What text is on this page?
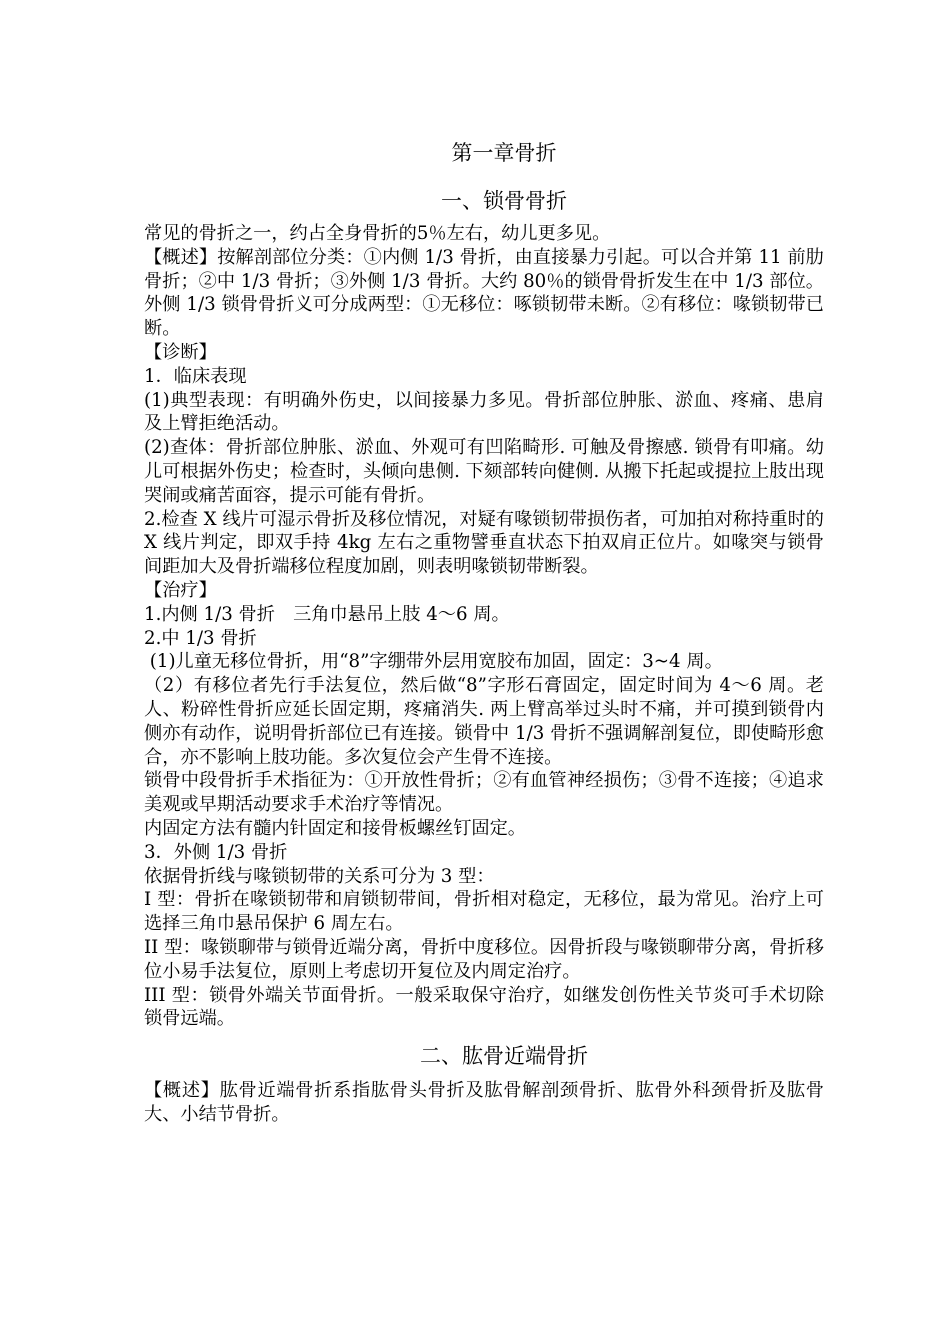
第一章骨折
一、锁骨骨折

常见的骨折之一，约占全身骨折的5％左右，幼儿更多见。

【概述】按解剖部位分类：①内侧 1/3 骨折，由直接暴力引起。可以合并第 11 前肋骨折；②中 1/3 骨折；③外侧 1/3 骨折。大约 80％的锁骨骨折发生在中 1/3 部位。外侧 1/3 锁骨骨折义可分成两型：①无移位：啄锁韧带未断。②有移位：喙锁韧带已断。

【诊断】

1．临床表现

(1)典型表现：有明确外伤史，以间接暴力多见。骨折部位肿胀、淤血、疼痛、患肩及上臂拒绝活动。

(2)查体：骨折部位肿胀、淤血、外观可有凹陷畸形. 可触及骨擦感. 锁骨有叩痛。幼儿可根据外伤史；检查时，头倾向患侧. 下颏部转向健侧. 从搬下托起或提拉上肢出现哭闹或痛苦面容，提示可能有骨折。

2.检查 X 线片可湿示骨折及移位情况，对疑有喙锁韧带损伤者，可加拍对称持重时的 X 线片判定，即双手持 4kg 左右之重物譬垂直状态下拍双肩正位片。如喙突与锁骨间距加大及骨折端移位程度加剧，则表明喙锁韧带断裂。

【治疗】

1.内侧 1/3 骨折　三角巾悬吊上肢 4～6 周。

2.中 1/3 骨折

(1)儿童无移位骨折，用“8”字绷带外层用宽胶布加固，固定：3~4 周。

（2）有移位者先行手法复位，然后做“8”字形石膏固定，固定时间为 4～6 周。老人、粉碎性骨折应延长固定期，疼痛消失. 两上臂高举过头时不痛，并可摸到锁骨内侧亦有动作，说明骨折部位已有连接。锁骨中 1/3 骨折不强调解剖复位，即使畸形愈合，亦不影响上肢功能。多次复位会产生骨不连接。

锁骨中段骨折手术指征为：①开放性骨折；②有血管神经损伤；③骨不连接；④追求美观或早期活动要求手术治疗等情况。

内固定方法有髓内针固定和接骨板螺丝钉固定。

3．外侧 1/3 骨折

依据骨折线与喙锁韧带的关系可分为 3 型：

I 型：骨折在喙锁韧带和肩锁韧带间，骨折相对稳定，无移位，最为常见。治疗上可选择三角巾悬吊保护 6 周左右。

II 型：喙锁聊带与锁骨近端分离，骨折中度移位。因骨折段与喙锁聊带分离，骨折移位小易手法复位，原则上考虑切开复位及内周定治疗。

III 型：锁骨外端关节面骨折。一般采取保守治疗，如继发创伤性关节炎可手术切除锁骨远端。

二、肱骨近端骨折

【概述】肱骨近端骨折系指肱骨头骨折及肱骨解剖颈骨折、肱骨外科颈骨折及肱骨大、小结节骨折。
